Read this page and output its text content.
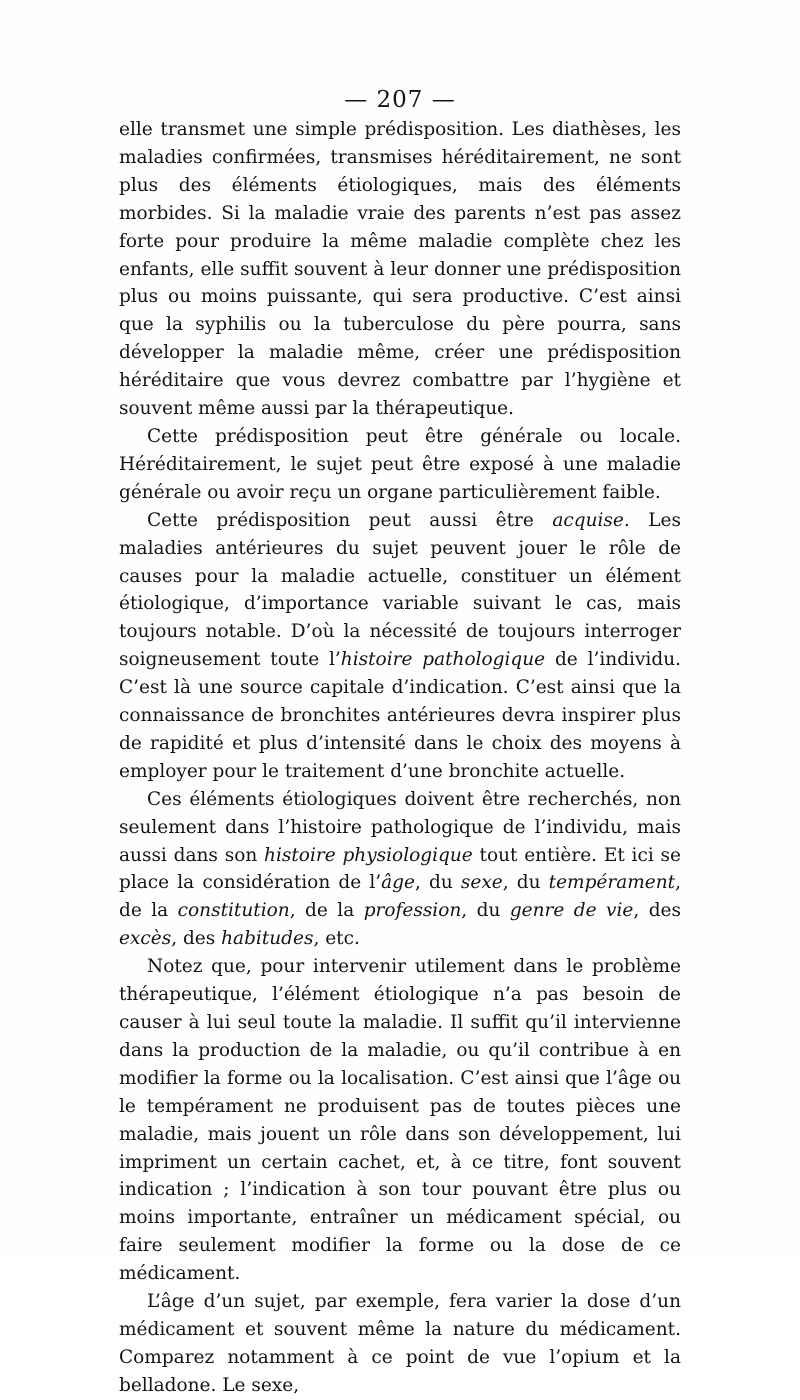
— 207 —

elle transmet une simple prédisposition. Les diathèses, les maladies confirmées, transmises héréditairement, ne sont plus des éléments étiologiques, mais des éléments morbides. Si la maladie vraie des parents n’est pas assez forte pour produire la même maladie complète chez les enfants, elle suffit souvent à leur donner une prédisposition plus ou moins puissante, qui sera productive. C’est ainsi que la syphilis ou la tuberculose du père pourra, sans développer la maladie même, créer une prédisposition héréditaire que vous devrez combattre par l’hygiène et souvent même aussi par la thérapeutique.

Cette prédisposition peut être générale ou locale. Héréditairement, le sujet peut être exposé à une maladie générale ou avoir reçu un organe particulièrement faible.

Cette prédisposition peut aussi être acquise. Les maladies antérieures du sujet peuvent jouer le rôle de causes pour la maladie actuelle, constituer un élément étiologique, d’importance variable suivant le cas, mais toujours notable. D’où la nécessité de toujours interroger soigneusement toute l’histoire pathologique de l’individu. C’est là une source capitale d’indication. C’est ainsi que la connaissance de bronchites antérieures devra inspirer plus de rapidité et plus d’intensité dans le choix des moyens à employer pour le traitement d’une bronchite actuelle.

Ces éléments étiologiques doivent être recherchés, non seulement dans l’histoire pathologique de l’individu, mais aussi dans son histoire physiologique tout entière. Et ici se place la considération de l’âge, du sexe, du tempérament, de la constitution, de la profession, du genre de vie, des excès, des habitudes, etc.

Notez que, pour intervenir utilement dans le problème thérapeutique, l’élément étiologique n’a pas besoin de causer à lui seul toute la maladie. Il suffit qu’il intervienne dans la production de la maladie, ou qu’il contribue à en modifier la forme ou la localisation. C’est ainsi que l’âge ou le tempérament ne produisent pas de toutes pièces une maladie, mais jouent un rôle dans son développement, lui impriment un certain cachet, et, à ce titre, font souvent indication ; l’indication à son tour pouvant être plus ou moins importante, entraîner un médicament spécial, ou faire seulement modifier la forme ou la dose de ce médicament.

L’âge d’un sujet, par exemple, fera varier la dose d’un médicament et souvent même la nature du médicament. Comparez notamment à ce point de vue l’opium et la belladone. Le sexe,
